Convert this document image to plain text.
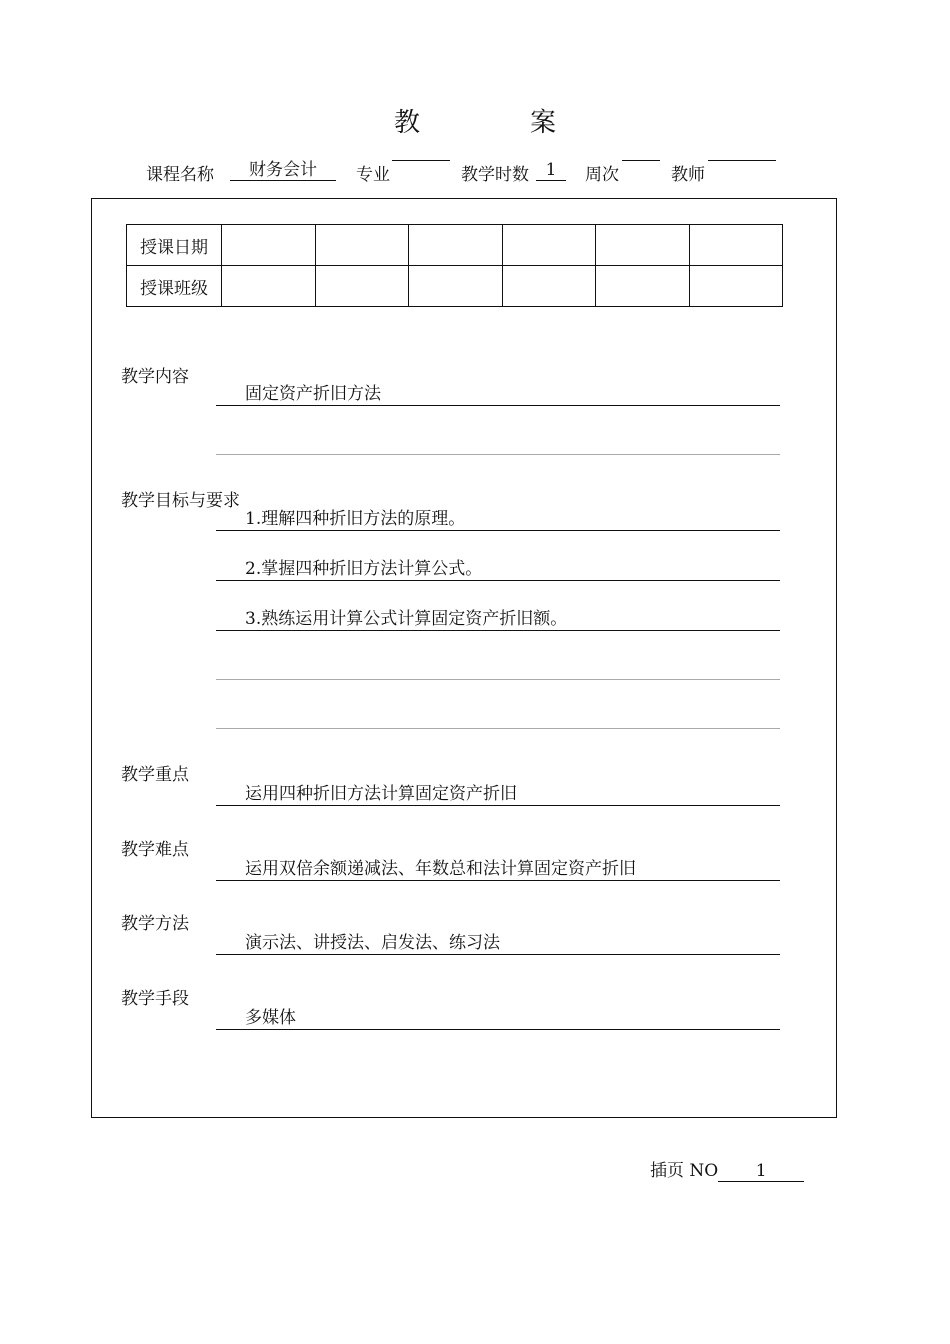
教　案
课程名称	财务会计	专业	教学时数 1	周次	教师
授课日期						
授课班级						
教学内容
固定资产折旧方法
教学目标与要求
1.理解四种折旧方法的原理。
2.掌握四种折旧方法计算公式。
3.熟练运用计算公式计算固定资产折旧额。
教学重点
运用四种折旧方法计算固定资产折旧
教学难点
运用双倍余额递减法、年数总和法计算固定资产折旧
教学方法
演示法、讲授法、启发法、练习法
教学手段
多媒体
插页 NO 1
